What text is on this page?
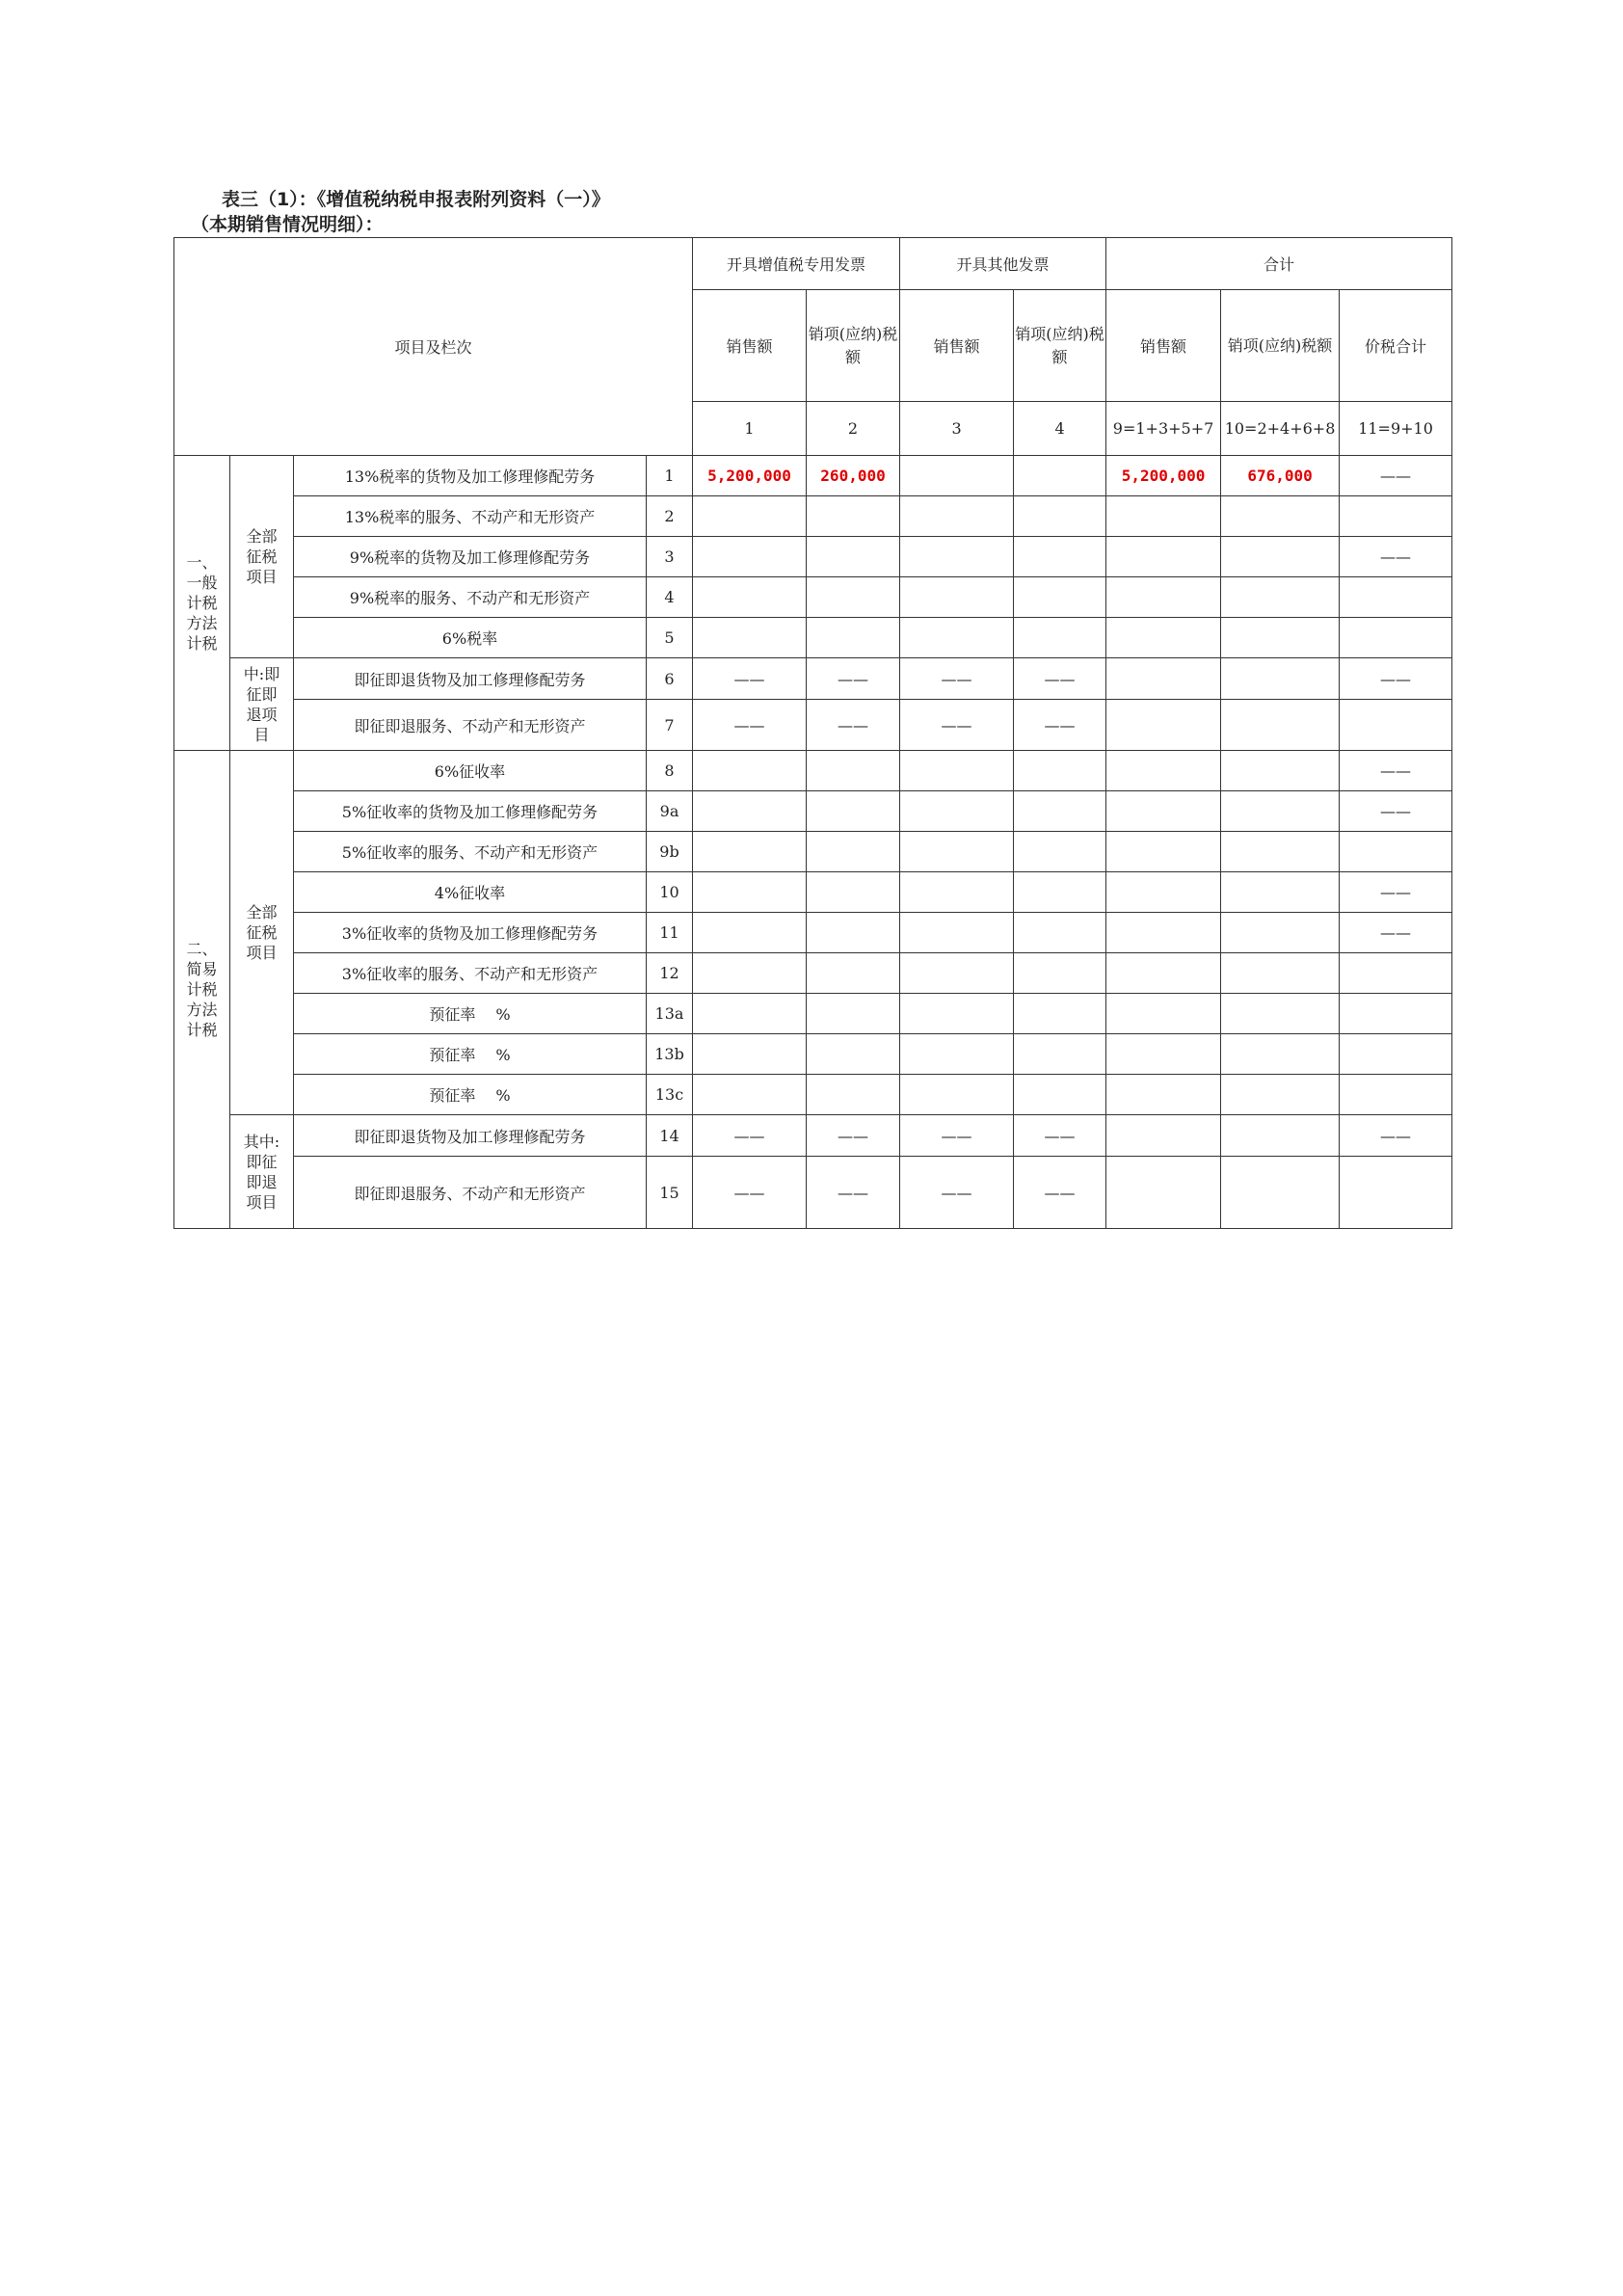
表三（1）：《增值税纳税申报表附列资料（一）》
（本期销售情况明细）：
项目及栏次				开具增值税专用发票		开具其他发票		合计		
				销售额	销项(应纳)税额	销售额	销项(应纳)税额	销售额	销项(应纳)税额	价税合计
				1	2	3	4	9=1+3+5+7	10=2+4+6+8	11=9+10
一、一般计税方法计税	全部征税项目	13%税率的货物及加工修理修配劳务	1	5,200,000	260,000			5,200,000	676,000	——
		13%税率的服务、不动产和无形资产	2							
		9%税率的货物及加工修理修配劳务	3							——
		9%税率的服务、不动产和无形资产	4							
		6%税率	5							
	中:即征即退项目	即征即退货物及加工修理修配劳务	6	——	——	——	——			——
		即征即退服务、不动产和无形资产	7	——	——	——	——			
二、简易计税方法计税	全部征税项目	6%征收率	8							——
		5%征收率的货物及加工修理修配劳务	9a							——
		5%征收率的服务、不动产和无形资产	9b							
		4%征收率	10							——
		3%征收率的货物及加工修理修配劳务	11							——
		3%征收率的服务、不动产和无形资产	12							
		预征率　 %	13a							
		预征率　 %	13b							
		预征率　 %	13c							
	其中:即征即退项目	即征即退货物及加工修理修配劳务	14	——	——	——	——			——
		即征即退服务、不动产和无形资产	15	——	——	——	——			
